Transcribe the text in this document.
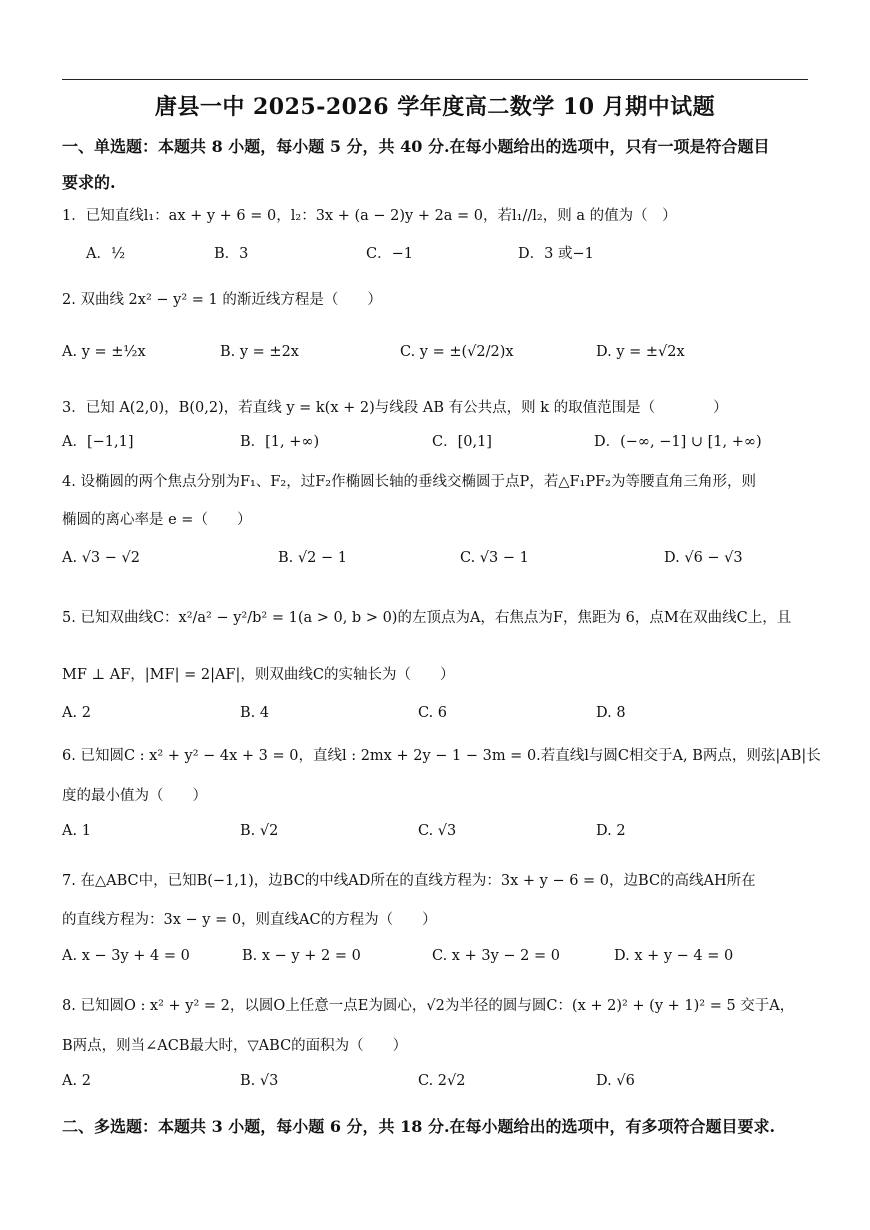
唐县一中 2025-2026 学年度高二数学 10 月期中试题
一、单选题：本题共 8 小题，每小题 5 分，共 40 分.在每小题给出的选项中，只有一项是符合题目
要求的.
1．已知直线l₁：ax + y + 6 = 0，l₂：3x + (a − 2)y + 2a = 0，若l₁//l₂，则 a 的值为（　）
A．½	B．3	C．−1	D．3 或−1
2. 双曲线 2x² − y² = 1 的渐近线方程是（　　）
A. y = ±½x	B. y = ±2x	C. y = ±(√2/2)x	D. y = ±√2x
3．已知 A(2,0)，B(0,2)，若直线 y = k(x + 2)与线段 AB 有公共点，则 k 的取值范围是（　　　　）
A．[−1,1]	B．[1, +∞)	C．[0,1]	D．(−∞, −1] ∪ [1, +∞)
4. 设椭圆的两个焦点分别为F₁、F₂，过F₂作椭圆长轴的垂线交椭圆于点P，若△F₁PF₂为等腰直角三角形，则
椭圆的离心率是 e =（　　）
A. √3 − √2	B. √2 − 1	C. √3 − 1	D. √6 − √3
5. 已知双曲线C：x²/a² − y²/b² = 1(a > 0, b > 0)的左顶点为A，右焦点为F，焦距为 6，点M在双曲线C上，且
MF ⊥ AF，|MF| = 2|AF|，则双曲线C的实轴长为（　　）
A. 2	B. 4	C. 6	D. 8
6. 已知圆C : x² + y² − 4x + 3 = 0，直线l : 2mx + 2y − 1 − 3m = 0.若直线l与圆C相交于A, B两点，则弦|AB|长
度的最小值为（　　）
A. 1	B. √2	C. √3	D. 2
7. 在△ABC中，已知B(−1,1)，边BC的中线AD所在的直线方程为：3x + y − 6 = 0，边BC的高线AH所在
的直线方程为：3x − y = 0，则直线AC的方程为（　　）
A. x − 3y + 4 = 0	B. x − y + 2 = 0	C. x + 3y − 2 = 0	D. x + y − 4 = 0
8. 已知圆O : x² + y² = 2，以圆O上任意一点E为圆心，√2为半径的圆与圆C：(x + 2)² + (y + 1)² = 5 交于A，
B两点，则当∠ACB最大时，▽ABC的面积为（　　）
A. 2	B. √3	C. 2√2	D. √6
二、多选题：本题共 3 小题，每小题 6 分，共 18 分.在每小题给出的选项中，有多项符合题目要求.
